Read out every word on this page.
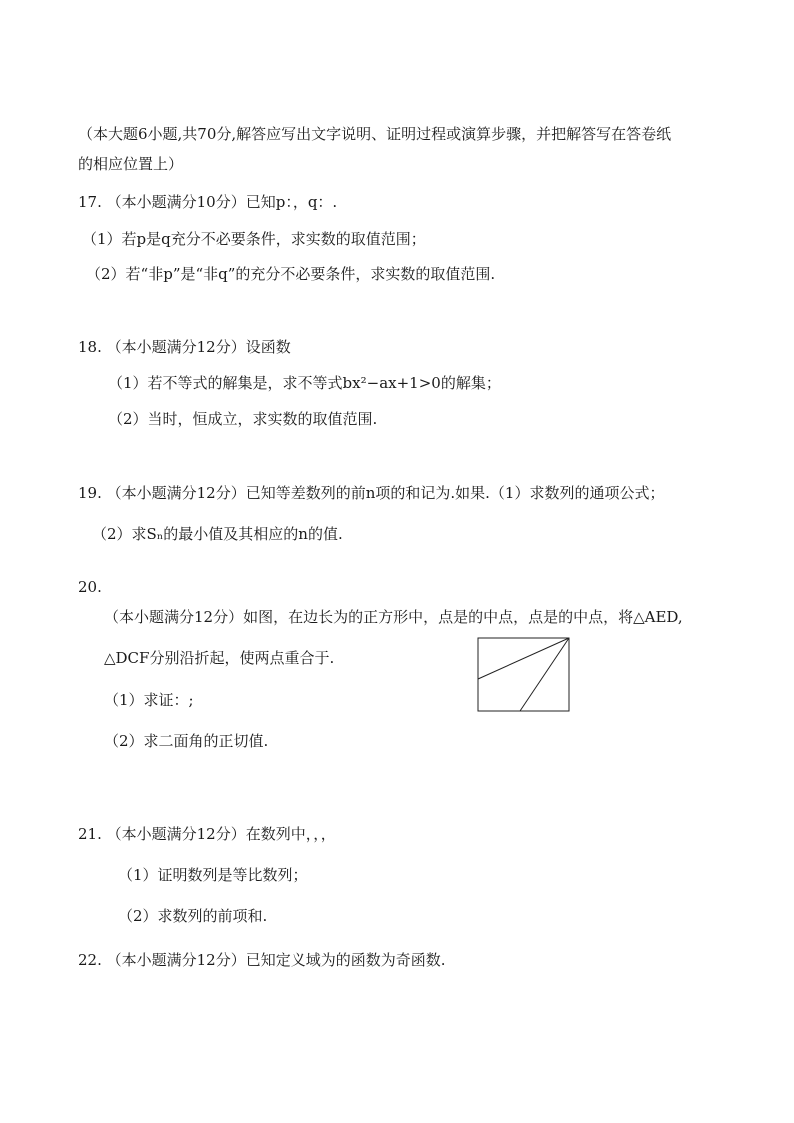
（本大题6小题,共70分,解答应写出文字说明、证明过程或演算步骤，并把解答写在答卷纸
的相应位置上）
17. （本小题满分10分）已知p：，q：.
（1）若p是q充分不必要条件，求实数的取值范围；
（2）若“非p”是“非q”的充分不必要条件，求实数的取值范围.
18. （本小题满分12分）设函数
（1）若不等式的解集是，求不等式bx²−ax+1>0的解集；
（2）当时，恒成立，求实数的取值范围.
19. （本小题满分12分）已知等差数列的前n项的和记为.如果.（1）求数列的通项公式；
（2）求Sₙ的最小值及其相应的n的值.
20.
（本小题满分12分）如图，在边长为的正方形中，点是的中点，点是的中点，将△AED,
△DCF分别沿折起，使两点重合于.
（1）求证：;
（2）求二面角的正切值.
21. （本小题满分12分）在数列中，，，
（1）证明数列是等比数列；
（2）求数列的前项和.
22. （本小题满分12分）已知定义域为的函数为奇函数.
